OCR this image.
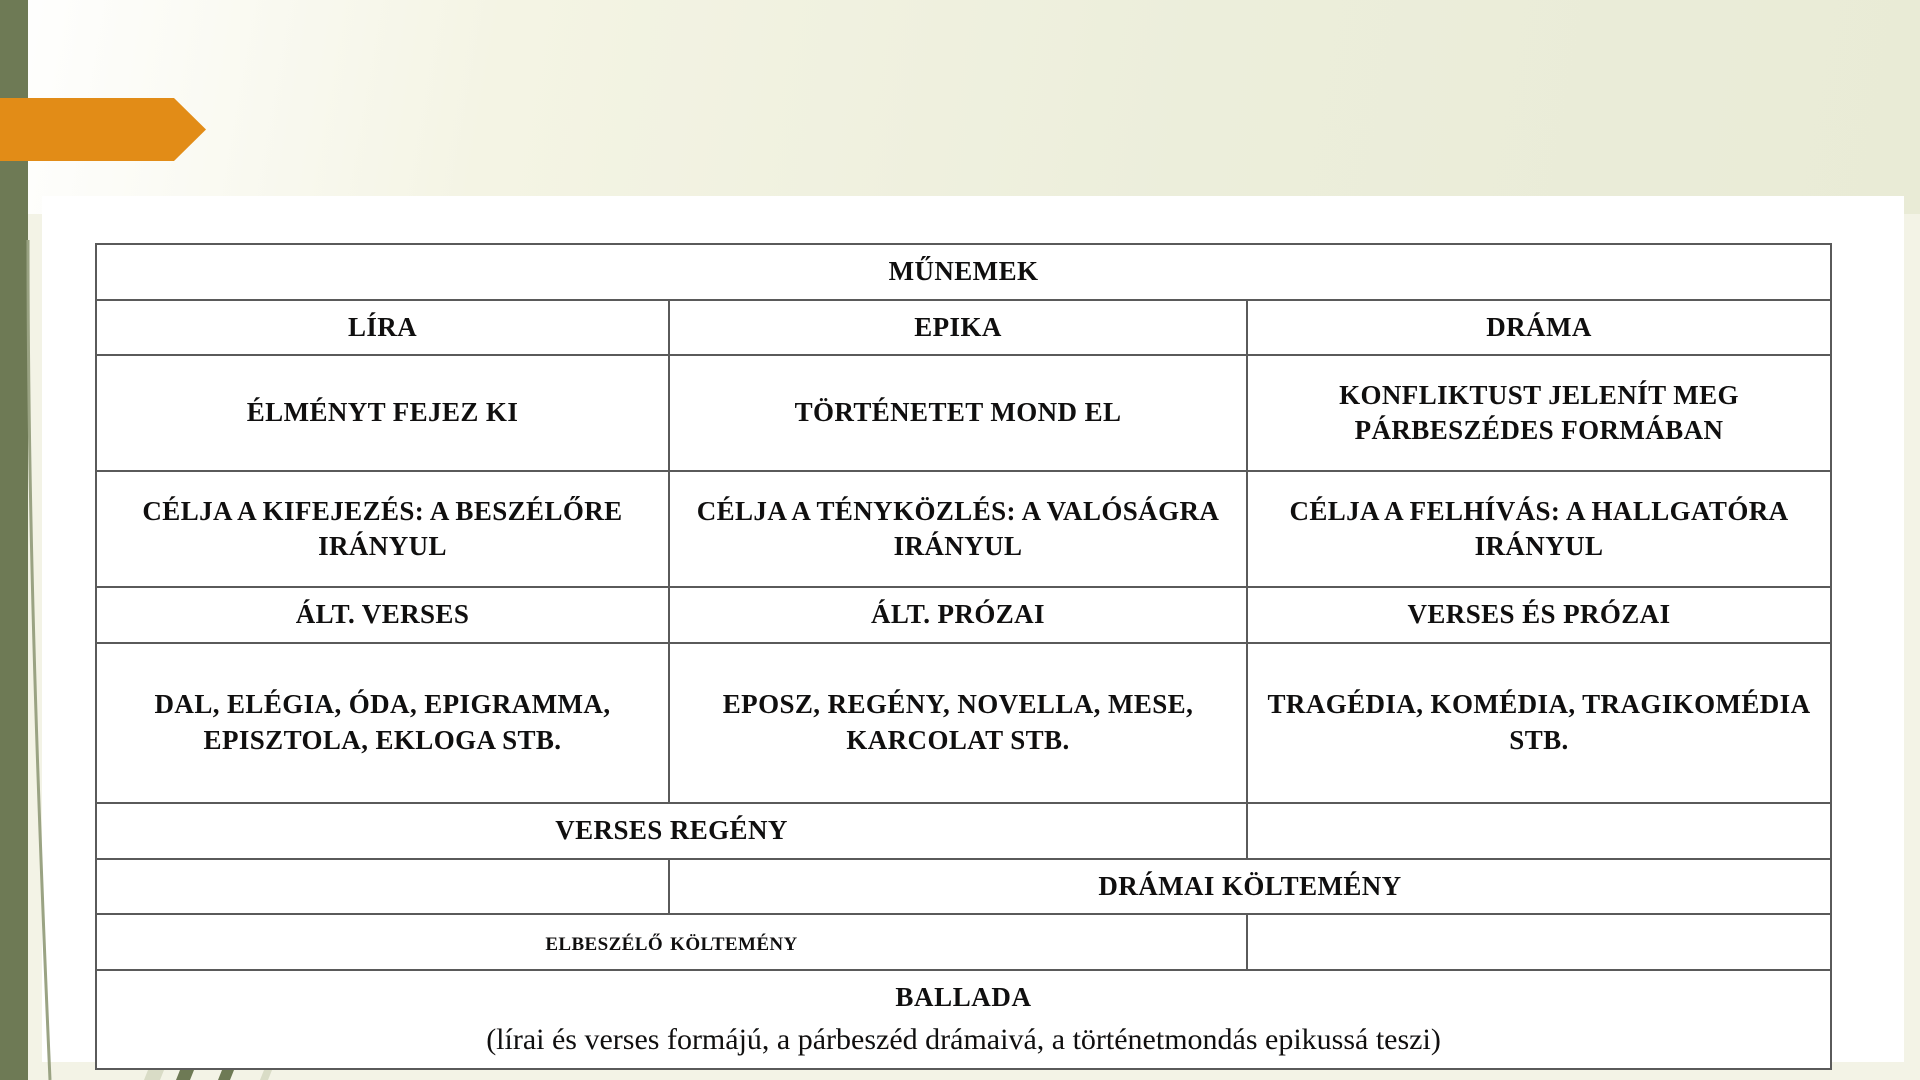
MŰNEMEK		
LÍRA	EPIKA	DRÁMA
ÉLMÉNYT FEJEZ KI	TÖRTÉNETET MOND EL	KONFLIKTUST JELENÍT MEG PÁRBESZÉDES FORMÁBAN
CÉLJA A KIFEJEZÉS: A BESZÉLŐRE IRÁNYUL	CÉLJA A TÉNYKÖZLÉS: A VALÓSÁGRA IRÁNYUL	CÉLJA A FELHÍVÁS: A HALLGATÓRA IRÁNYUL
ÁLT. VERSES	ÁLT. PRÓZAI	VERSES ÉS PRÓZAI
DAL, ELÉGIA, ÓDA, EPIGRAMMA, EPISZTOLA, EKLOGA STB.	EPOSZ, REGÉNY, NOVELLA, MESE, KARCOLAT STB.	TRAGÉDIA, KOMÉDIA, TRAGIKOMÉDIA STB.
VERSES REGÉNY		
	DRÁMAI KÖLTEMÉNY	
elbeszélő költemény		

BALLADA
(lírai és verses formájú, a párbeszéd drámaivá, a történetmondás epikussá teszi)		
